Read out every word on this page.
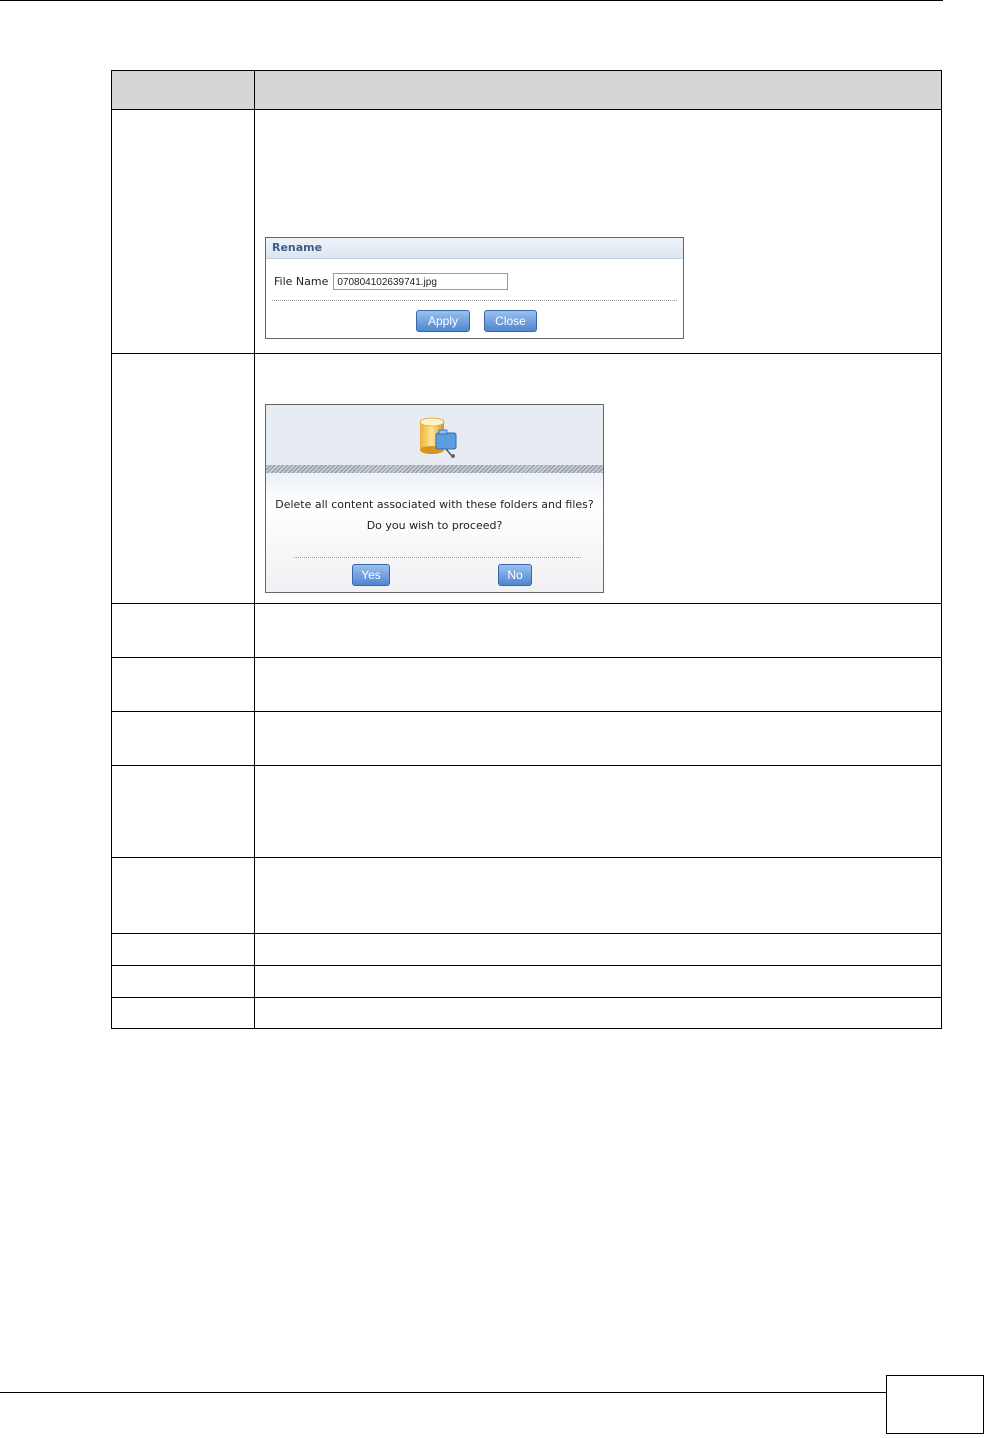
	Rename
File Name 070804102639741.jpg
Apply Close

	Delete all content associated with these folders and files?
Do you wish to proceed?
Yes No
